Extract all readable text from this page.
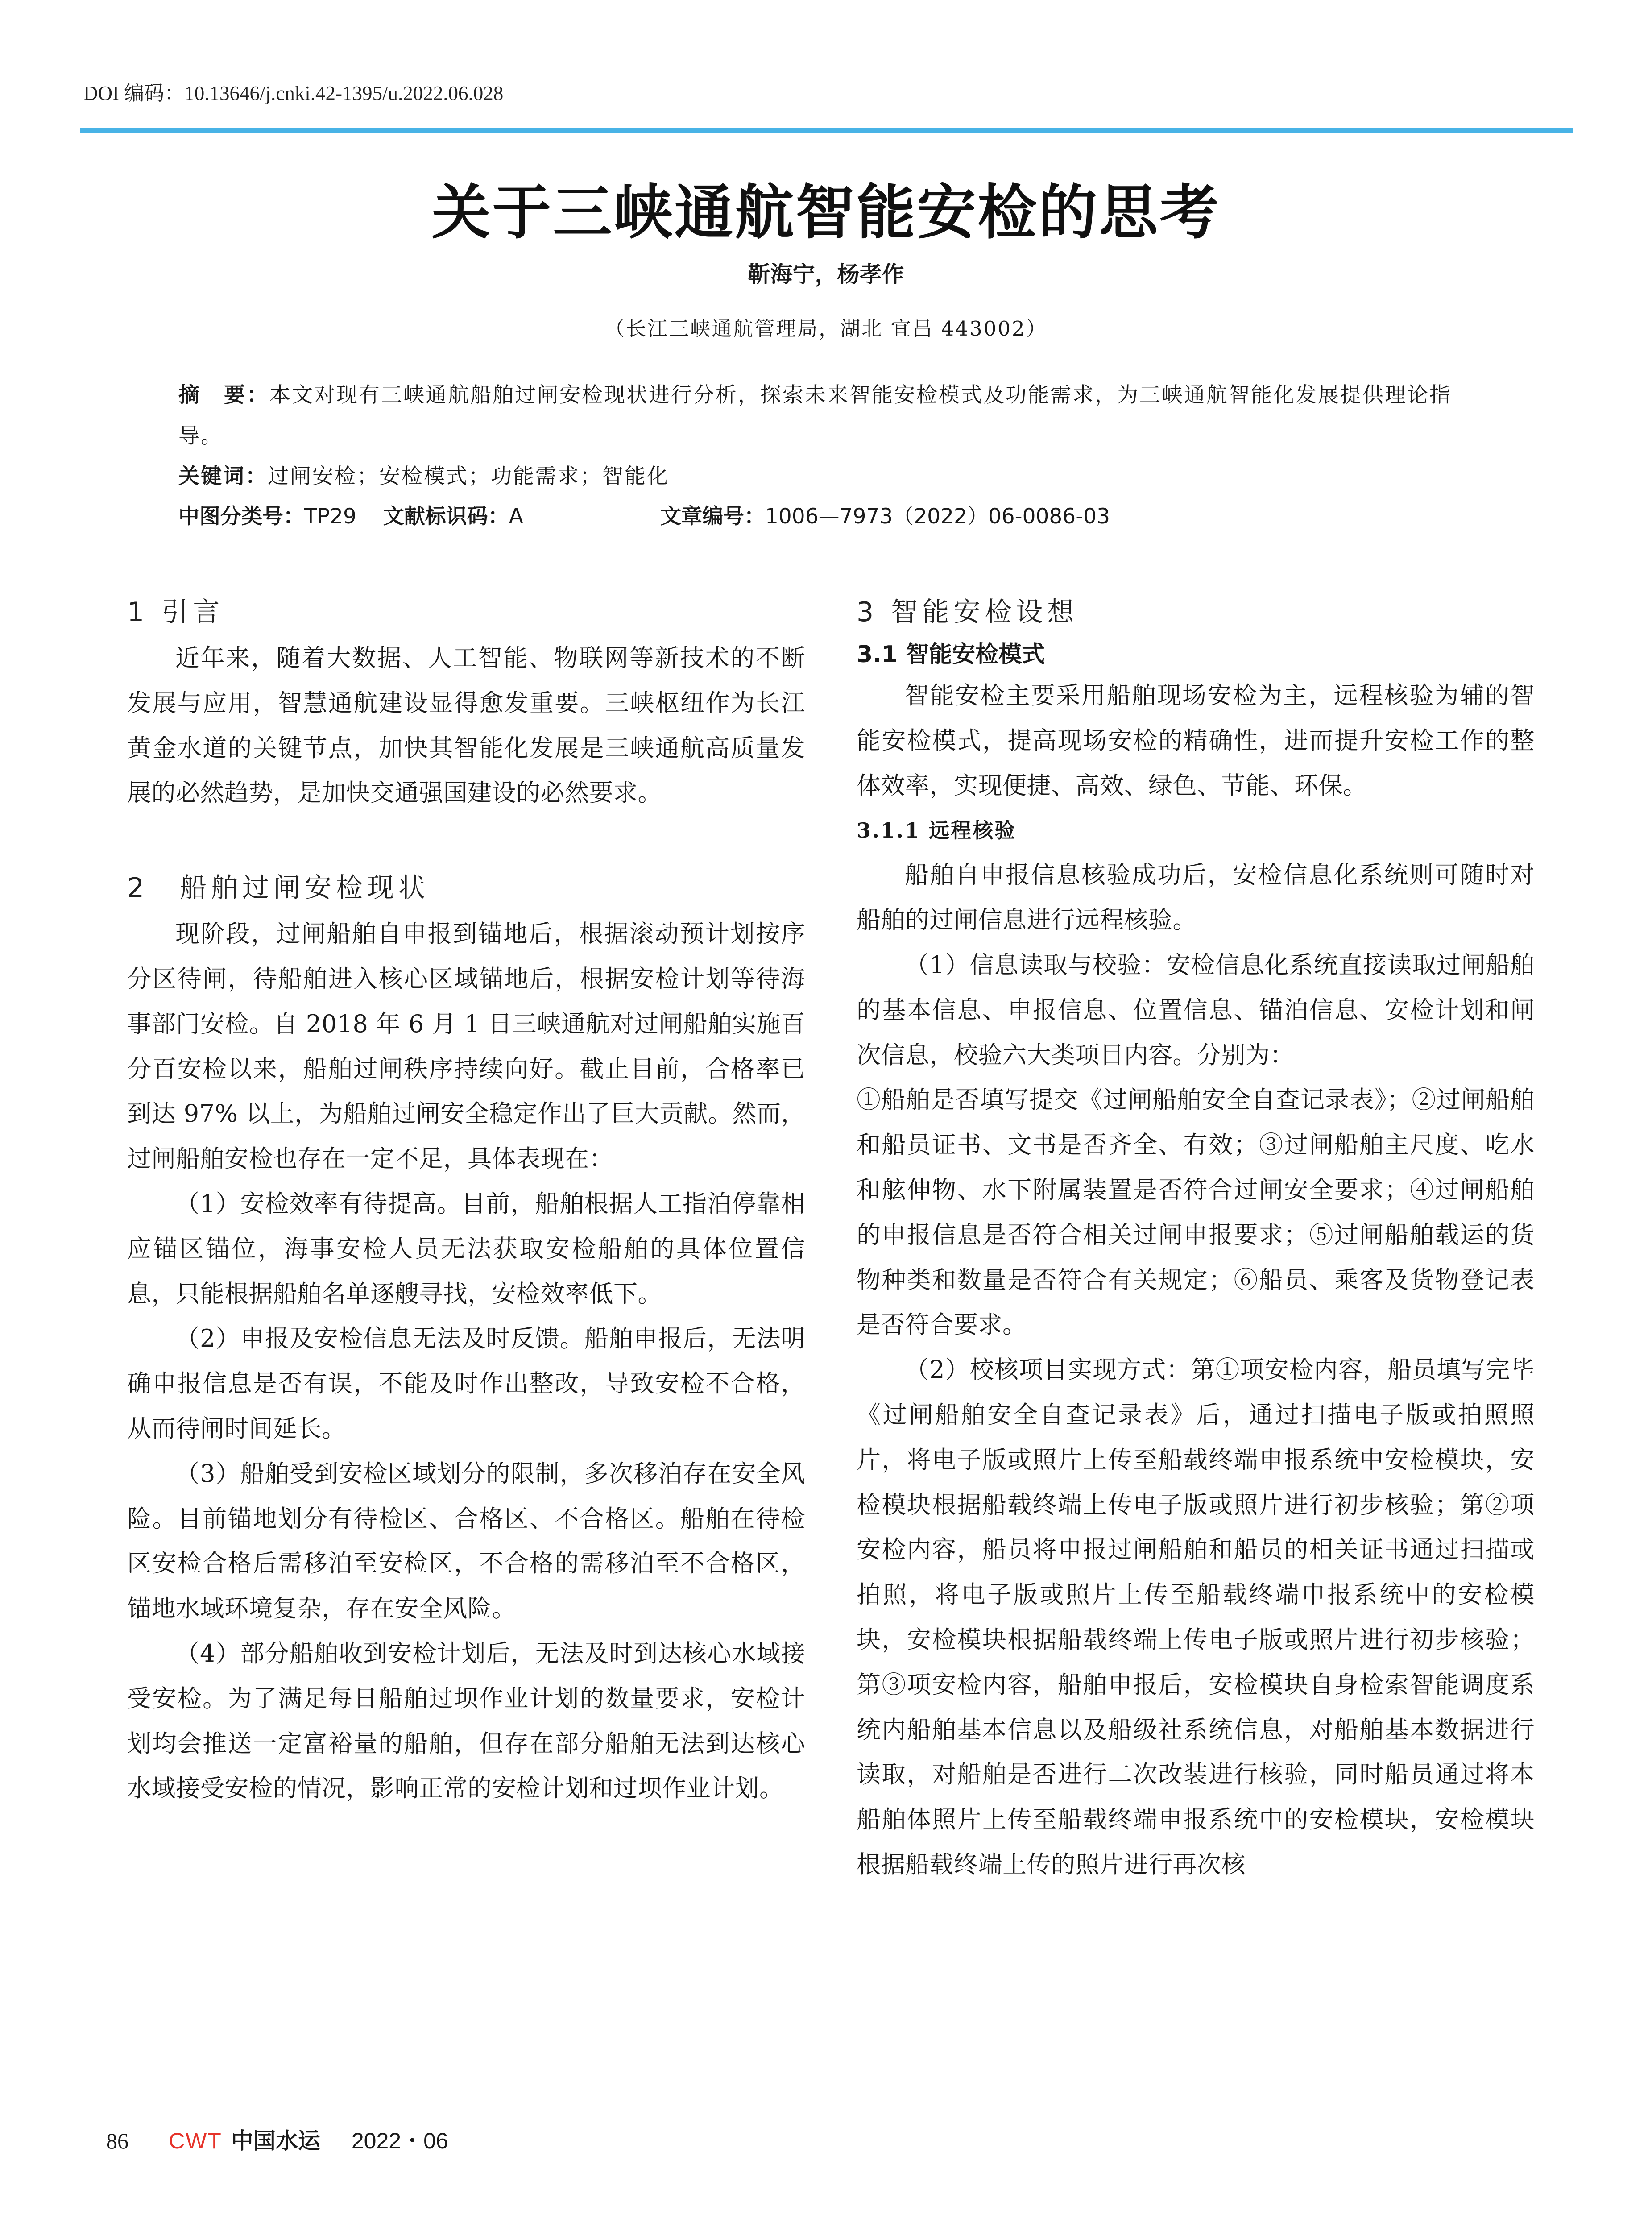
DOI 编码：10.13646/j.cnki.42-1395/u.2022.06.028
关于三峡通航智能安检的思考
靳海宁，杨孝作
（长江三峡通航管理局，湖北 宜昌 443002）
摘　要：本文对现有三峡通航船舶过闸安检现状进行分析，探索未来智能安检模式及功能需求，为三峡通航智能化发展提供理论指导。
关键词：过闸安检；安检模式；功能需求；智能化
中图分类号：TP29 文献标识码：A	文章编号：1006—7973（2022）06-0086-03
1 引言

近年来，随着大数据、人工智能、物联网等新技术的不断发展与应用，智慧通航建设显得愈发重要。三峡枢纽作为长江黄金水道的关键节点，加快其智能化发展是三峡通航高质量发展的必然趋势，是加快交通强国建设的必然要求。

2　船舶过闸安检现状

现阶段，过闸船舶自申报到锚地后，根据滚动预计划按序分区待闸，待船舶进入核心区域锚地后，根据安检计划等待海事部门安检。自 2018 年 6 月 1 日三峡通航对过闸船舶实施百分百安检以来，船舶过闸秩序持续向好。截止目前，合格率已到达 97% 以上，为船舶过闸安全稳定作出了巨大贡献。然而，过闸船舶安检也存在一定不足，具体表现在：

（1）安检效率有待提高。目前，船舶根据人工指泊停靠相应锚区锚位，海事安检人员无法获取安检船舶的具体位置信息，只能根据船舶名单逐艘寻找，安检效率低下。

（2）申报及安检信息无法及时反馈。船舶申报后，无法明确申报信息是否有误，不能及时作出整改，导致安检不合格，从而待闸时间延长。

（3）船舶受到安检区域划分的限制，多次移泊存在安全风险。目前锚地划分有待检区、合格区、不合格区。船舶在待检区安检合格后需移泊至安检区，不合格的需移泊至不合格区，锚地水域环境复杂，存在安全风险。

（4）部分船舶收到安检计划后，无法及时到达核心水域接受安检。为了满足每日船舶过坝作业计划的数量要求，安检计划均会推送一定富裕量的船舶，但存在部分船舶无法到达核心水域接受安检的情况，影响正常的安检计划和过坝作业计划。

3 智能安检设想
3.1 智能安检模式

智能安检主要采用船舶现场安检为主，远程核验为辅的智能安检模式，提高现场安检的精确性，进而提升安检工作的整体效率，实现便捷、高效、绿色、节能、环保。

3.1.1 远程核验

船舶自申报信息核验成功后，安检信息化系统则可随时对船舶的过闸信息进行远程核验。

（1）信息读取与校验：安检信息化系统直接读取过闸船舶的基本信息、申报信息、位置信息、锚泊信息、安检计划和闸次信息，校验六大类项目内容。分别为：

①船舶是否填写提交《过闸船舶安全自查记录表》；②过闸船舶和船员证书、文书是否齐全、有效；③过闸船舶主尺度、吃水和舷伸物、水下附属装置是否符合过闸安全要求；④过闸船舶的申报信息是否符合相关过闸申报要求；⑤过闸船舶载运的货物种类和数量是否符合有关规定；⑥船员、乘客及货物登记表是否符合要求。

（2）校核项目实现方式：第①项安检内容，船员填写完毕《过闸船舶安全自查记录表》后，通过扫描电子版或拍照照片，将电子版或照片上传至船载终端申报系统中安检模块，安检模块根据船载终端上传电子版或照片进行初步核验；第②项安检内容，船员将申报过闸船舶和船员的相关证书通过扫描或拍照，将电子版或照片上传至船载终端申报系统中的安检模块，安检模块根据船载终端上传电子版或照片进行初步核验；第③项安检内容，船舶申报后，安检模块自身检索智能调度系统内船舶基本信息以及船级社系统信息，对船舶基本数据进行读取，对船舶是否进行二次改装进行核验，同时船员通过将本船舶体照片上传至船载终端申报系统中的安检模块，安检模块根据船载终端上传的照片进行再次核

86 CWT 中国水运 2022・06
